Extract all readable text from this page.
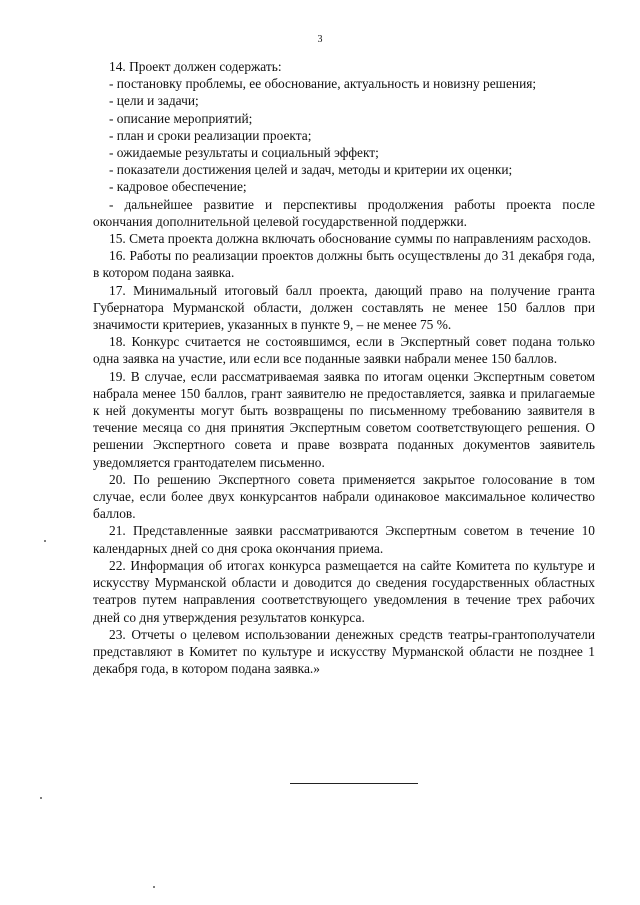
3

14. Проект должен содержать:

- постановку проблемы, ее обоснование, актуальность и новизну решения;

- цели и задачи;

- описание мероприятий;

- план и сроки реализации проекта;

- ожидаемые результаты и социальный эффект;

- показатели достижения целей и задач, методы и критерии их оценки;

- кадровое обеспечение;

- дальнейшее развитие и перспективы продолжения работы проекта после окончания дополнительной целевой государственной поддержки.

15. Смета проекта должна включать обоснование суммы по направлениям расходов.

16. Работы по реализации проектов должны быть осуществлены до 31 декабря года, в котором подана заявка.

17. Минимальный итоговый балл проекта, дающий право на получение гранта Губернатора Мурманской области, должен составлять не менее 150 баллов при значимости критериев, указанных в пункте 9, – не менее 75 %.

18. Конкурс считается не состоявшимся, если в Экспертный совет подана только одна заявка на участие, или если все поданные заявки набрали менее 150 баллов.

19. В случае, если рассматриваемая заявка по итогам оценки Экспертным советом набрала менее 150 баллов, грант заявителю не предоставляется, заявка и прилагаемые к ней документы могут быть возвращены по письменному требованию заявителя в течение месяца со дня принятия Экспертным советом соответствующего решения. О решении Экспертного совета и праве возврата поданных документов заявитель уведомляется грантодателем письменно.

20. По решению Экспертного совета применяется закрытое голосование в том случае, если более двух конкурсантов набрали одинаковое максимальное количество баллов.

21. Представленные заявки рассматриваются Экспертным советом в течение 10 календарных дней со дня срока окончания приема.

22. Информация об итогах конкурса размещается на сайте Комитета по культуре и искусству Мурманской области и доводится до сведения государственных областных театров путем направления соответствующего уведомления в течение трех рабочих дней со дня утверждения результатов конкурса.

23. Отчеты о целевом использовании денежных средств театры-грантополучатели представляют в Комитет по культуре и искусству Мурманской области не позднее 1 декабря года, в котором подана заявка.»
